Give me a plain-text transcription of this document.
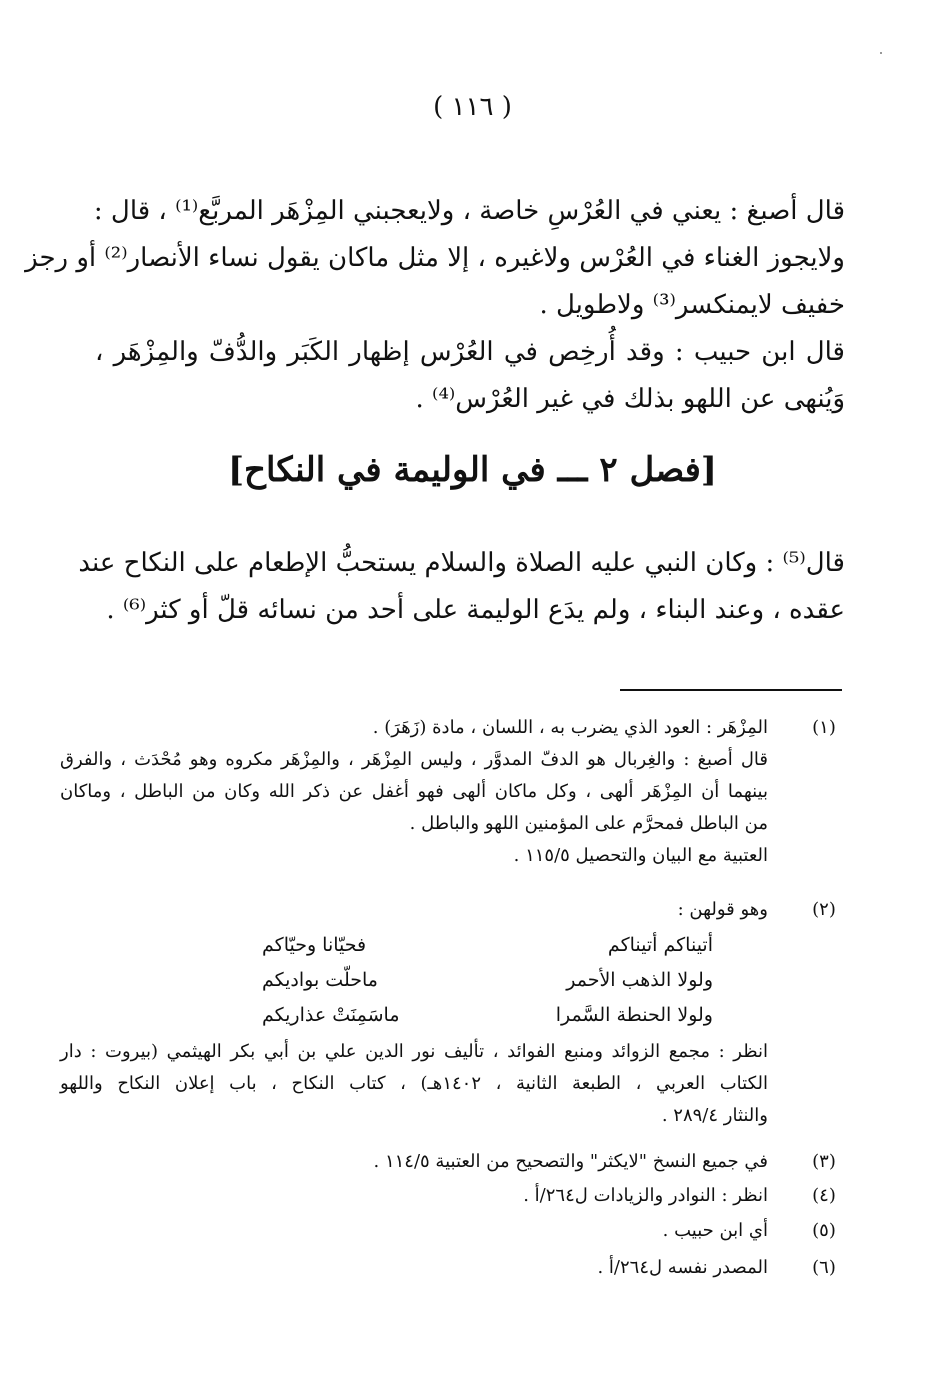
( ١١٦ )
قال أصبغ : يعني في العُرْسِ خاصة ، ولايعجبني المِزْهَر المربَّع⁽¹⁾ ، قال :
ولايجوز الغناء في العُرْس ولاغيره ، إلا مثل ماكان يقول نساء الأنصار⁽²⁾ أو رجز
خفيف لايمنكسر⁽³⁾ ولاطويل .
قال ابن حبيب : وقد أُرخِص في العُرْس إظهار الكَبَر والدُّفّ والمِزْهَر ،
وَيُنهى عن اللهو بذلك في غير العُرْس⁽⁴⁾ .
[فصل ٢ ـــ في الوليمة في النكاح]
قال⁽⁵⁾ : وكان النبي عليه الصلاة والسلام يستحبُّ الإطعام على النكاح عند
عقده ، وعند البناء ، ولم يدَع الوليمة على أحد من نسائه قلّ أو كثر⁽⁶⁾ .
(١)
المِزْهَر : العود الذي يضرب به ، اللسان ، مادة (زَهَرَ) .
قال أصبغ : والغِربال هو الدفّ المدوَّر ، وليس المِزْهَر ، والمِزْهَر مكروه وهو مُحْدَث ، والفرق
بينهما أن المِزْهَر ألهى ، وكل ماكان ألهى فهو أغفل عن ذكر الله وكان من الباطل ، وماكان
من الباطل فمحرَّم على المؤمنين اللهو والباطل .
العتبية مع البيان والتحصيل ١١٥/٥ .
(٢)
وهو قولهن :
أتيناكم أتيناكم
فحيّانا وحيّاكم
ولولا الذهب الأحمر
ماحلّت بواديكم
ولولا الحنطة السَّمرا
ماسَمِنَتْ عذاريكم
انظر : مجمع الزوائد ومنبع الفوائد ، تأليف نور الدين علي بن أبي بكر الهيثمي (بيروت : دار
الكتاب العربي ، الطبعة الثانية ، ١٤٠٢هـ) ، كتاب النكاح ، باب إعلان النكاح واللهو
والنثار ٢٨٩/٤ .
(٣)
في جميع النسخ "لايكثر" والتصحيح من العتبية ١١٤/٥ .
(٤)
انظر : النوادر والزيادات ل٢٦٤/أ .
(٥)
أي ابن حبيب .
(٦)
المصدر نفسه ل٢٦٤/أ .
